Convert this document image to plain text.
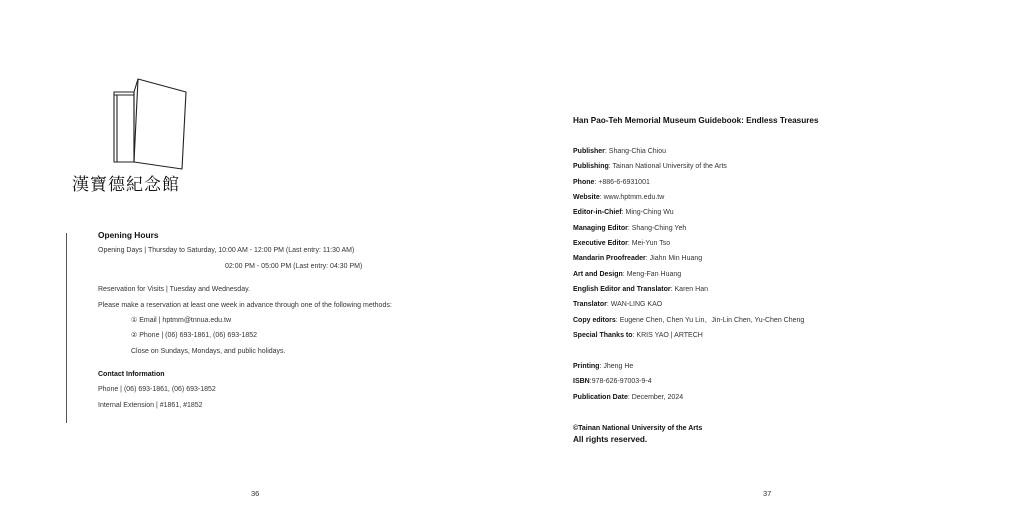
漢寶德紀念館
Opening Hours
Opening Days | Thursday to Saturday, 10:00 AM - 12:00 PM (Last entry: 11:30 AM)
02:00 PM - 05:00 PM (Last entry: 04:30 PM)
Reservation for Visits | Tuesday and Wednesday.
Please make a reservation at least one week in advance through one of the following methods:
① Email | hptmm@tnnua.edu.tw
② Phone | (06) 693-1861, (06) 693-1852
Close on Sundays, Mondays, and public holidays.
Contact Information
Phone | (06) 693-1861, (06) 693-1852
Internal Extension | #1861, #1852
36
Han Pao-Teh Memorial Museum Guidebook: Endless Treasures
Publisher: Shang-Chia Chiou
Publishing: Tainan National University of the Arts
Phone: +886-6-6931001
Website: www.hptmm.edu.tw
Editor-in-Chief: Ming-Ching Wu
Managing Editor: Shang-Ching Yeh
Executive Editor: Mei-Yun Tso
Mandarin Proofreader: Jiahn Min Huang
Art and Design: Meng-Fan Huang
English Editor and Translator: Karen Han
Translator: WAN-LING KAO
Copy editors: Eugene Chen, Chen Yu Lin、Jin-Lin Chen, Yu-Chen Cheng
Special Thanks to: KRIS YAO | ARTECH
Printing: Jheng He
ISBN:978-626-97003-9-4
Publication Date: December, 2024
©Tainan National University of the Arts
All rights reserved.
37
